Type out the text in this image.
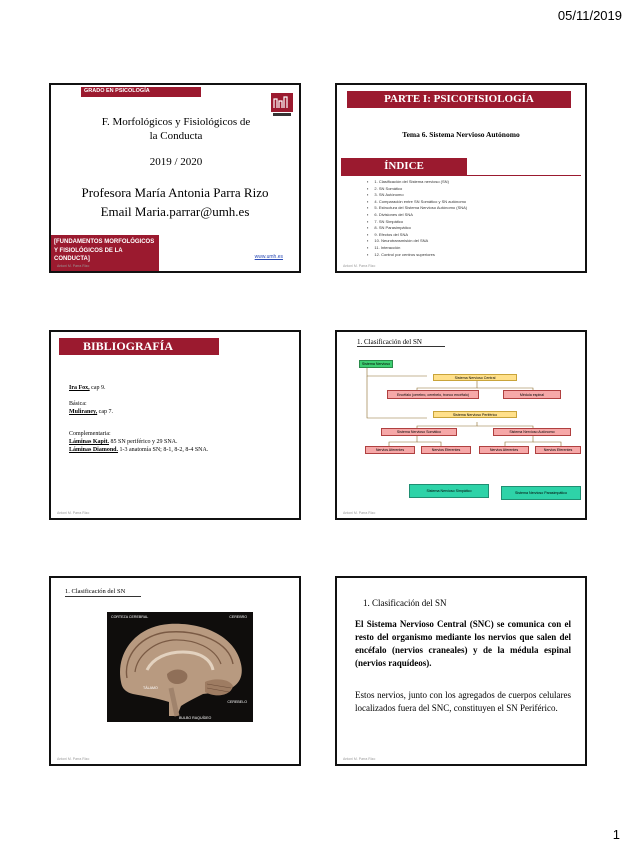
05/11/2019
GRADO EN PSICOLOGÍA
F. Morfológicos y Fisiológicos de
la Conducta
2019 / 2020
Profesora María Antonia Parra Rizo
Email Maria.parrar@umh.es
[FUNDAMENTOS MORFOLÓGICOS Y FISIOLÓGICOS DE LA CONDUCTA]	www.umh.es
Antoni M. Parra Rizo
PARTE I: PSICOFISIOLOGÍA
Tema 6. Sistema Nervioso Autónomo
ÍNDICE
▪ 1. Clasificación del Sistema nervioso (SN)
▪ 2. SN Somático
▪ 3. SN Autónomo
▪ 4. Comparación entre SN Somático y SN autónomo
▪ 5. Estructura del Sistema Nervioso Autónomo (SNA)
▪ 6. Divisiones del SNA
▪ 7. SN Simpático
▪ 8. SN Parasimpático
▪ 9. Efectos del SNA
▪ 10. Neurotransmisión del SNA
▪ 11. Interacción
▪ 12. Control por centros superiores
Antoni M. Parra Rizo
BIBLIOGRAFÍA

Ira Fox, cap 9.

Básica:

Muliraney, cap 7.

Complementaria:

Láminas Kapit. 85 SN periférico y 29 SNA.

Láminas Diamond. 1-3 anatomía SN; 8-1, 8-2, 8-4 SNA.

Antoni M. Parra Rizo
1. Clasificación del SN
Sistema Nervioso
Sistema Nervioso Central
Encéfalo (cerebro, cerebelo, tronco encéfalo)	Médula espinal
Sistema Nervioso Periférico
Sistema Nervioso Somático	Sistema Nervioso Autónomo
Nervios Aferentes	Nervios Eferentes	Nervios Aferentes	Nervios Eferentes
Sistema Nervioso Simpático	Sistema Nervioso Parasimpático
Antoni M. Parra Rizo
1. Clasificación del SN
CORTEZA CEREBRAL	CEREBRO
TÁLAMO
CEREBELO
BULBO RAQUÍDEO
Antoni M. Parra Rizo
1. Clasificación del SN
El Sistema Nervioso Central (SNC) se comunica con el resto del organismo mediante los nervios que salen del encéfalo (nervios craneales) y de la médula espinal (nervios raquídeos).
Estos nervios, junto con los agregados de cuerpos celulares localizados fuera del SNC, constituyen el SN Periférico.
Antoni M. Parra Rizo
1
